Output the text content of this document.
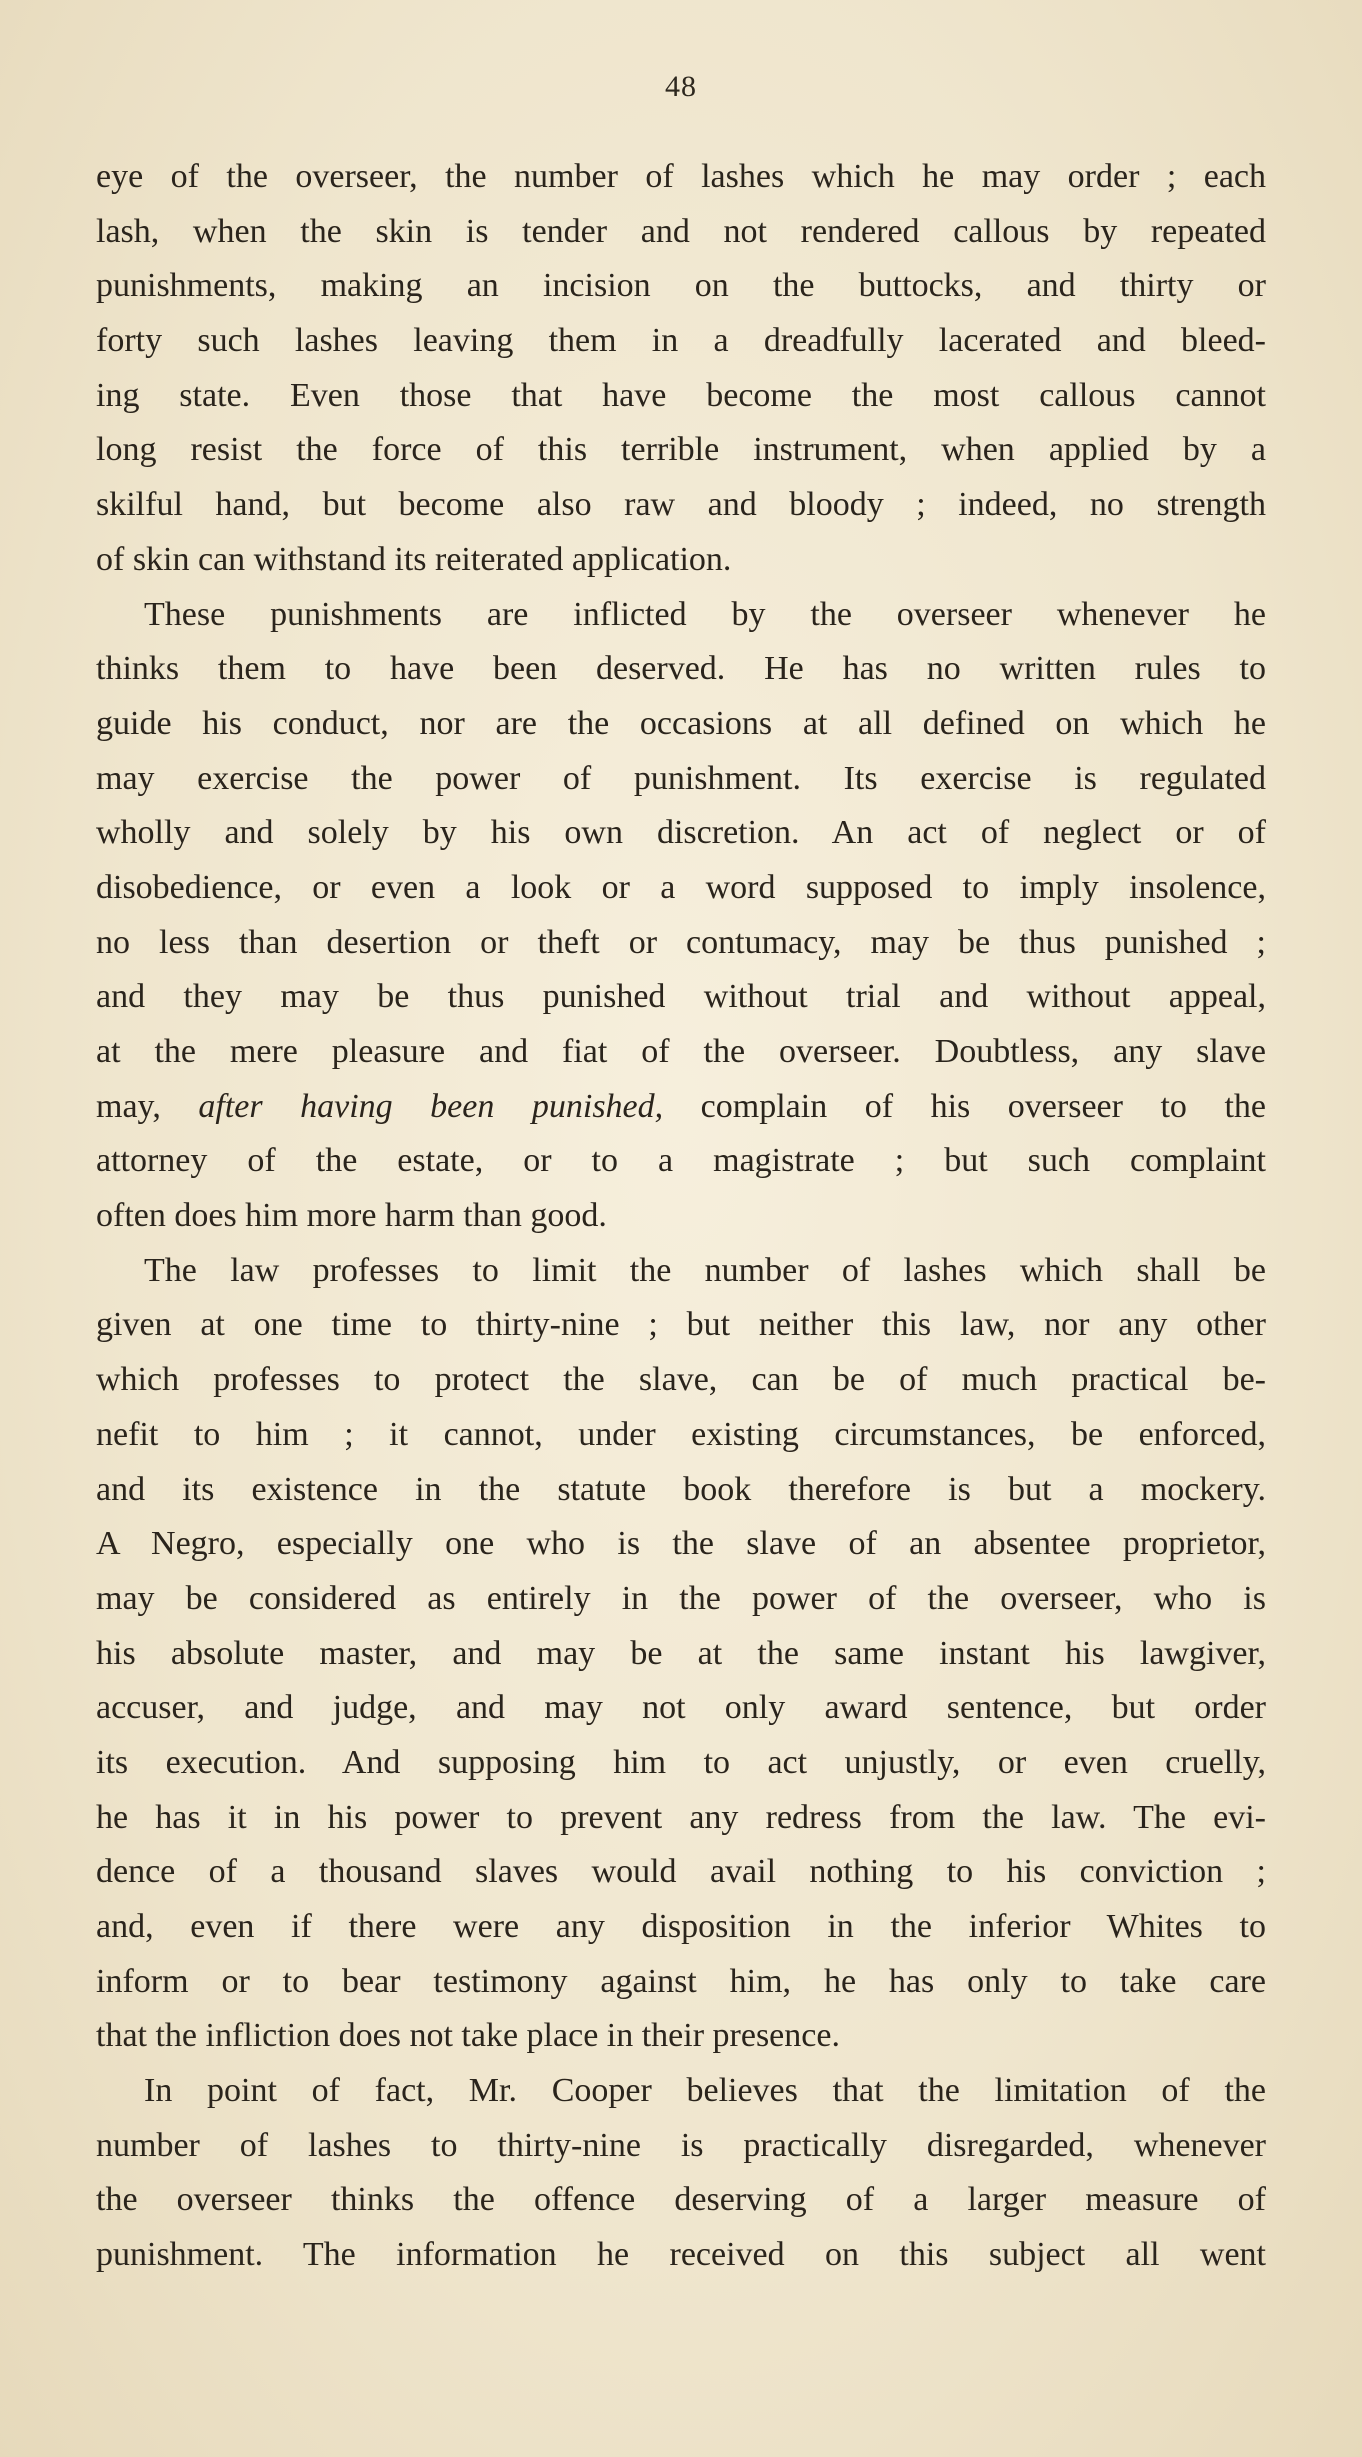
48
eye of the overseer, the number of lashes which he may order ; each
lash, when the skin is tender and not rendered callous by repeated
punishments, making an incision on the buttocks, and thirty or
forty such lashes leaving them in a dreadfully lacerated and bleed-
ing state. Even those that have become the most callous cannot
long resist the force of this terrible instrument, when applied by a
skilful hand, but become also raw and bloody ; indeed, no strength
of skin can withstand its reiterated application.
These punishments are inflicted by the overseer whenever he
thinks them to have been deserved. He has no written rules to
guide his conduct, nor are the occasions at all defined on which he
may exercise the power of punishment. Its exercise is regulated
wholly and solely by his own discretion. An act of neglect or of
disobedience, or even a look or a word supposed to imply insolence,
no less than desertion or theft or contumacy, may be thus punished ;
and they may be thus punished without trial and without appeal,
at the mere pleasure and fiat of the overseer. Doubtless, any slave
may, after having been punished, complain of his overseer to the
attorney of the estate, or to a magistrate ; but such complaint
often does him more harm than good.
The law professes to limit the number of lashes which shall be
given at one time to thirty-nine ; but neither this law, nor any other
which professes to protect the slave, can be of much practical be-
nefit to him ; it cannot, under existing circumstances, be enforced,
and its existence in the statute book therefore is but a mockery.
A Negro, especially one who is the slave of an absentee proprietor,
may be considered as entirely in the power of the overseer, who is
his absolute master, and may be at the same instant his lawgiver,
accuser, and judge, and may not only award sentence, but order
its execution. And supposing him to act unjustly, or even cruelly,
he has it in his power to prevent any redress from the law. The evi-
dence of a thousand slaves would avail nothing to his conviction ;
and, even if there were any disposition in the inferior Whites to
inform or to bear testimony against him, he has only to take care
that the infliction does not take place in their presence.
In point of fact, Mr. Cooper believes that the limitation of the
number of lashes to thirty-nine is practically disregarded, whenever
the overseer thinks the offence deserving of a larger measure of
punishment. The information he received on this subject all went
